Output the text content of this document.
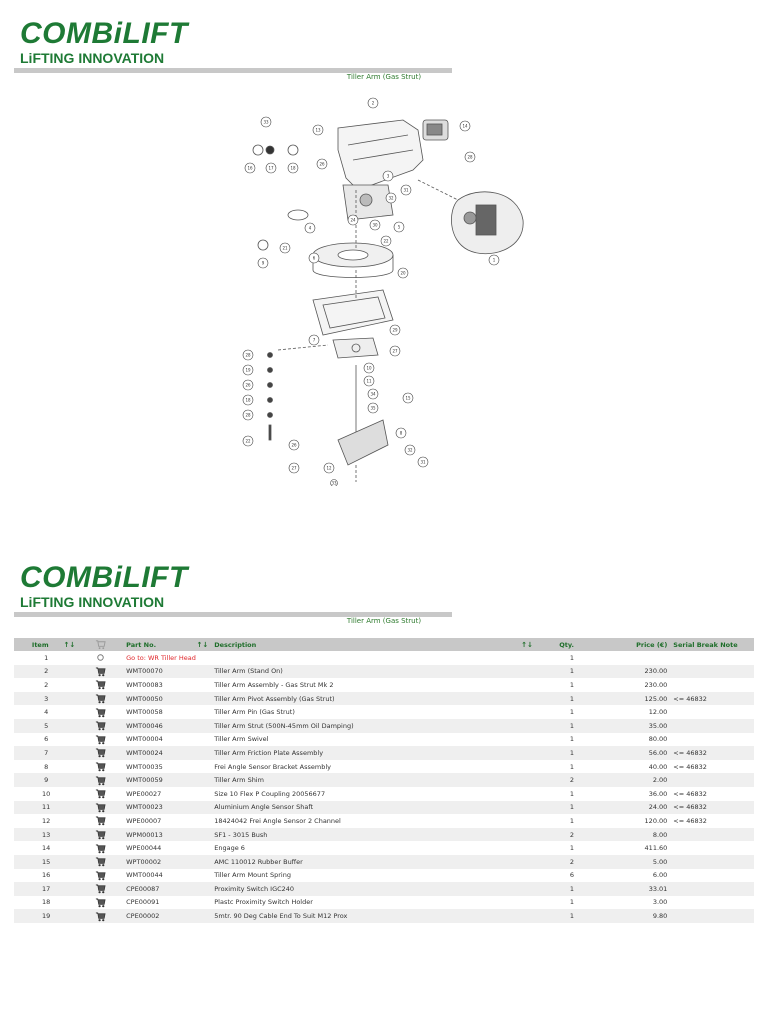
COMBiLIFT
LiFTING INNOVATION
Tiller Arm (Gas Strut)
33
2
13
14
16	17	18
26
28
3
31
32
24
4
21
30
22
20
5
6	1
9
29
7
27
28
19	10
11
26
18
28
34
15
35
8
22
26
32
31
27	12
33
COMBiLIFT
LiFTING INNOVATION
Tiller Arm (Gas Strut)
Item ↑↓		Part No. ↑↓	Description ↑↓	Qty.	Price (€)	Serial Break Note
1		Go to: WR Tiller Head		1		
2		WMT00070	Tiller Arm (Stand On)	1	230.00	
2		WMT00083	Tiller Arm Assembly - Gas Strut Mk 2	1	230.00	
3		WMT00050	Tiller Arm Pivot Assembly (Gas Strut)	1	125.00	<= 46832
4		WMT00058	Tiller Arm Pin (Gas Strut)	1	12.00	
5		WMT00046	Tiller Arm Strut (500N-45mm Oil Damping)	1	35.00	
6		WMT00004	Tiller Arm Swivel	1	80.00	
7		WMT00024	Tiller Arm Friction Plate Assembly	1	56.00	<= 46832
8		WMT00035	Frei Angle Sensor Bracket Assembly	1	40.00	<= 46832
9		WMT00059	Tiller Arm Shim	2	2.00	
10		WPE00027	Size 10 Flex P Coupling 20056677	1	36.00	<= 46832
11		WMT00023	Aluminium Angle Sensor Shaft	1	24.00	<= 46832
12		WPE00007	18424042 Frei Angle Sensor 2 Channel	1	120.00	<= 46832
13		WPM00013	SF1 - 3015 Bush	2	8.00	
14		WPE00044	Engage 6	1	411.60	
15		WPT00002	AMC 110012 Rubber Buffer	2	5.00	
16		WMT00044	Tiller Arm Mount Spring	6	6.00	
17		CPE00087	Proximity Switch IGC240	1	33.01	
18		CPE00091	Plastc Proximity Switch Holder	1	3.00	
19		CPE00002	5mtr. 90 Deg Cable End To Suit M12 Prox	1	9.80	
